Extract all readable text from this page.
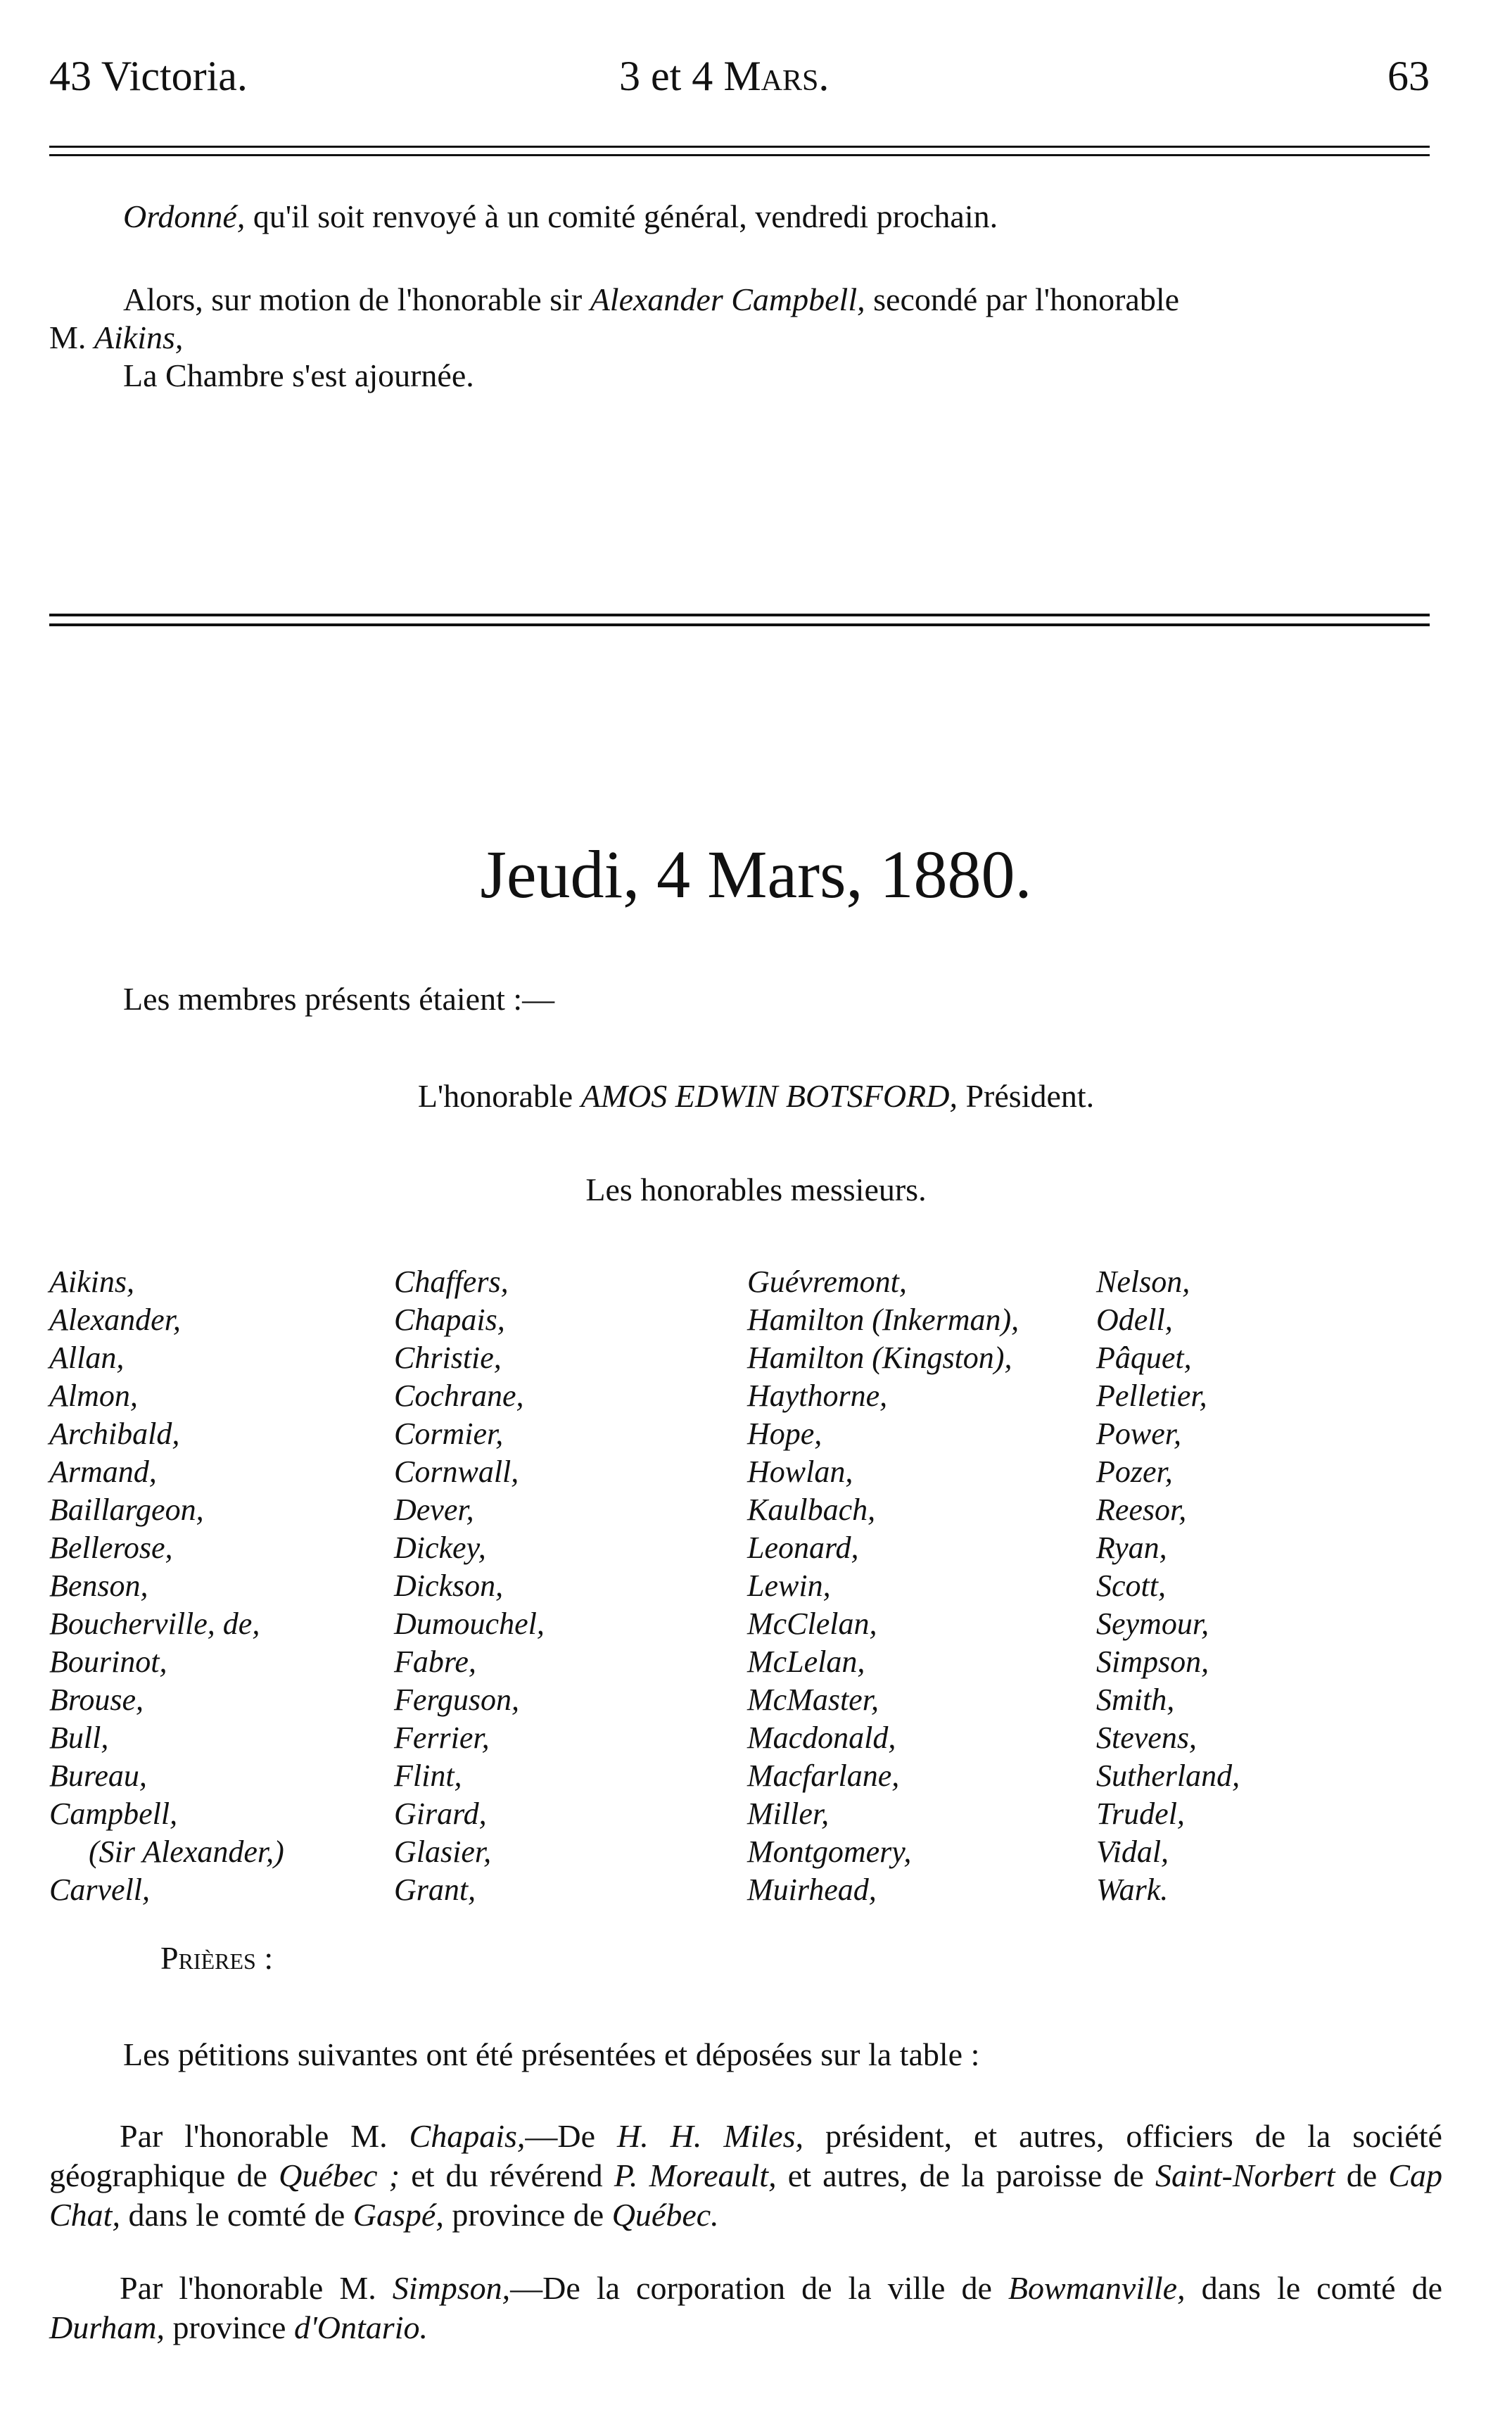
43 Victoria.	3 et 4 Mars.	63
Ordonné, qu'il soit renvoyé à un comité général, vendredi prochain.
Alors, sur motion de l'honorable sir Alexander Campbell, secondé par l'honorable
M. Aikins,
La Chambre s'est ajournée.
Jeudi, 4 Mars, 1880.
Les membres présents étaient :—
L'honorable AMOS EDWIN BOTSFORD, Président.
Les honorables messieurs.
Aikins,
Alexander,
Allan,
Almon,
Archibald,
Armand,
Baillargeon,
Bellerose,
Benson,
Boucherville, de,
Bourinot,
Brouse,
Bull,
Bureau,
Campbell,
(Sir Alexander,)
Carvell,
Chaffers,
Chapais,
Christie,
Cochrane,
Cormier,
Cornwall,
Dever,
Dickey,
Dickson,
Dumouchel,
Fabre,
Ferguson,
Ferrier,
Flint,
Girard,
Glasier,
Grant,
Guévremont,
Hamilton (Inkerman),
Hamilton (Kingston),
Haythorne,
Hope,
Howlan,
Kaulbach,
Leonard,
Lewin,
McClelan,
McLelan,
McMaster,
Macdonald,
Macfarlane,
Miller,
Montgomery,
Muirhead,
Nelson,
Odell,
Pâquet,
Pelletier,
Power,
Pozer,
Reesor,
Ryan,
Scott,
Seymour,
Simpson,
Smith,
Stevens,
Sutherland,
Trudel,
Vidal,
Wark.
Prières :
Les pétitions suivantes ont été présentées et déposées sur la table :
Par l'honorable M. Chapais,—De H. H. Miles, président, et autres, officiers de la société géographique de Québec ; et du révérend P. Moreault, et autres, de la paroisse de Saint-Norbert de Cap Chat, dans le comté de Gaspé, province de Québec.
Par l'honorable M. Simpson,—De la corporation de la ville de Bowmanville, dans le comté de Durham, province d'Ontario.
